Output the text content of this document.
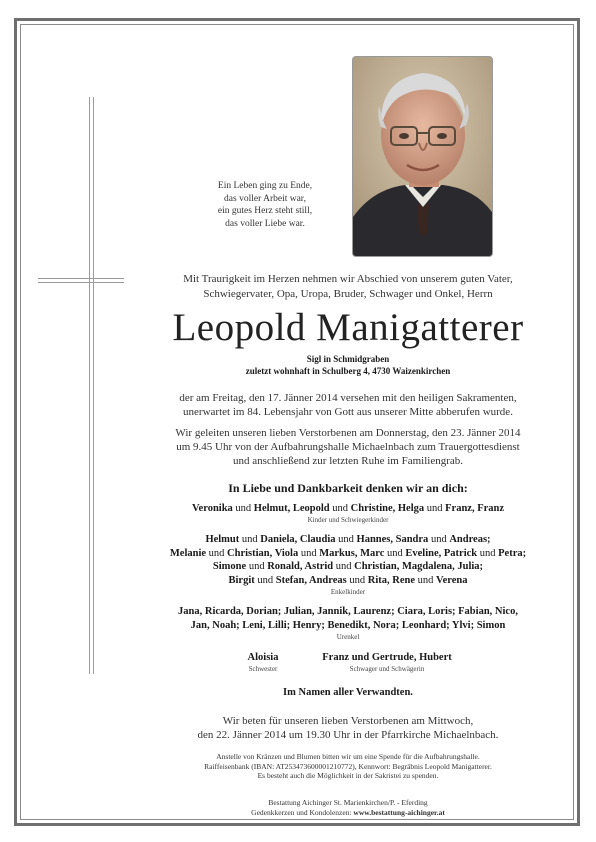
Ein Leben ging zu Ende,
das voller Arbeit war,
ein gutes Herz steht still,
das voller Liebe war.
Mit Traurigkeit im Herzen nehmen wir Abschied von unserem guten Vater,
Schwiegervater, Opa, Uropa, Bruder, Schwager und Onkel, Herrn
Leopold Manigatterer
Sigl in Schmidgraben
zuletzt wohnhaft in Schulberg 4, 4730 Waizenkirchen
der am Freitag, den 17. Jänner 2014 versehen mit den heiligen Sakramenten,
unerwartet im 84. Lebensjahr von Gott aus unserer Mitte abberufen wurde.
Wir geleiten unseren lieben Verstorbenen am Donnerstag, den 23. Jänner 2014
um 9.45 Uhr von der Aufbahrungshalle Michaelnbach zum Trauergottesdienst
und anschließend zur letzten Ruhe im Familiengrab.
In Liebe und Dankbarkeit denken wir an dich:
Veronika und Helmut, Leopold und Christine, Helga und Franz, Franz
Kinder und Schwiegerkinder
Helmut und Daniela, Claudia und Hannes, Sandra und Andreas;
Melanie und Christian, Viola und Markus, Marc und Eveline, Patrick und Petra;
Simone und Ronald, Astrid und Christian, Magdalena, Julia;
Birgit und Stefan, Andreas und Rita, Rene und Verena
Enkelkinder
Jana, Ricarda, Dorian; Julian, Jannik, Laurenz; Ciara, Loris; Fabian, Nico,
Jan, Noah; Leni, Lilli; Henry; Benedikt, Nora; Leonhard; Ylvi; Simon
Urenkel
Aloisia
Schwester
Franz und Gertrude, Hubert
Schwager und Schwägerin
Im Namen aller Verwandten.
Wir beten für unseren lieben Verstorbenen am Mittwoch,
den 22. Jänner 2014 um 19.30 Uhr in der Pfarrkirche Michaelnbach.
Anstelle von Kränzen und Blumen bitten wir um eine Spende für die Aufbahrungshalle.
Raiffeisenbank (IBAN: AT253473600001210772), Kennwort: Begräbnis Leopold Manigatterer.
Es besteht auch die Möglichkeit in der Sakristei zu spenden.
Bestattung Aichinger St. Marienkirchen/P. - Eferding
Gedenkkerzen und Kondolenzen: www.bestattung-aichinger.at
